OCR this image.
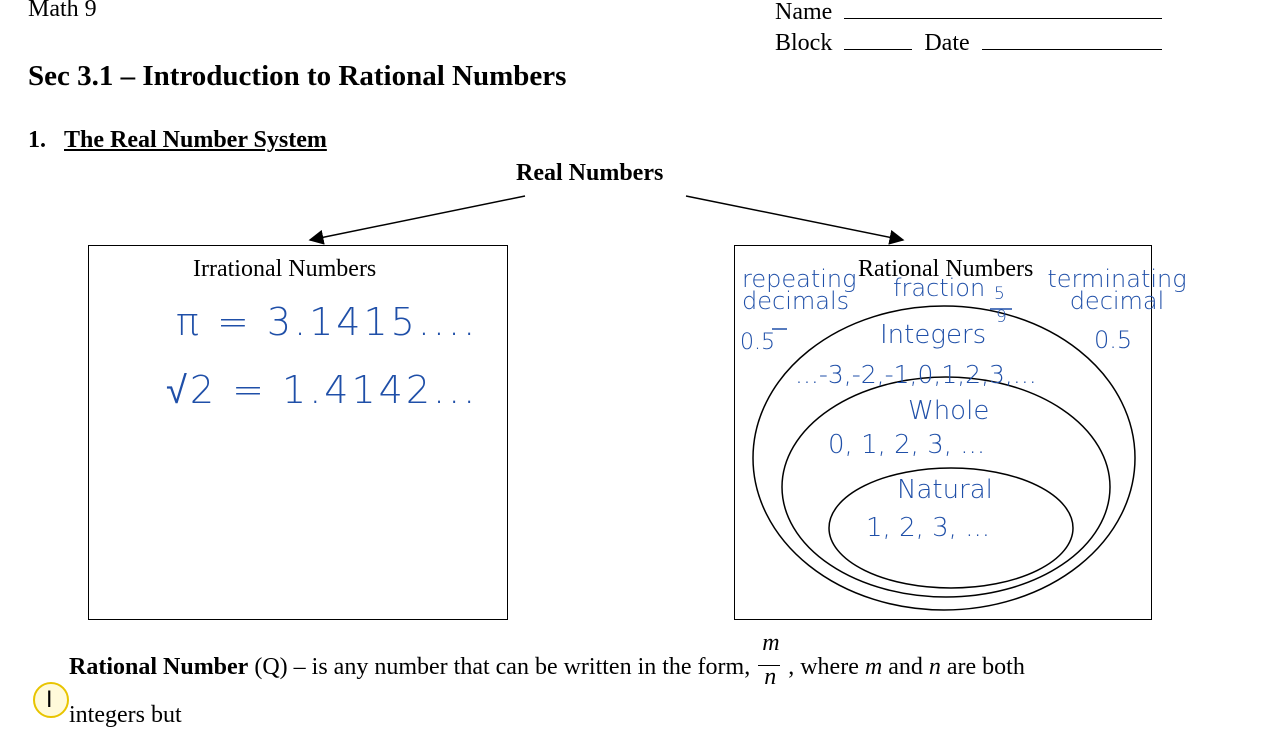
Math 9	Name
Block	Date
Sec 3.1 – Introduction to Rational Numbers
1. The Real Number System
Real Numbers
Irrational Numbers	Rational Numbers
π = 3.1415....
√2 = 1.4142...
repeating decimals
0.5̄
fraction 5
9
terminating decimal
0.5
Integers
...-3,-2,-1,0,1,2,3,...
Whole
0, 1, 2, 3, ...
Natural
1, 2, 3, ...
Rational Number (Q) – is any number that can be written in the form, $\frac{m}{n}$ , where m and n are both
integers but
I
